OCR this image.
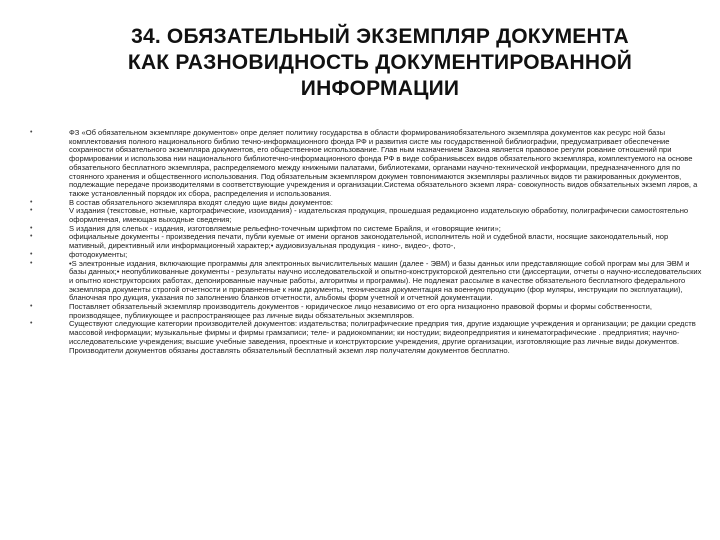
34. ОБЯЗАТЕЛЬНЫЙ ЭКЗЕМПЛЯР ДОКУМЕНТА
КАК РАЗНОВИДНОСТЬ ДОКУМЕНТИРОВАННОЙ
ИНФОРМАЦИИ
•	ФЗ «Об обязательном экземпляре документов» опре деляет политику государства в области формированияобязательного экземпляра документов как ресурс ной базы комплектования полного национального библио течно-информационного фонда РФ и развития систе мы государственной библиографии, предусматривает обеспечение сохранности обязательного экземпляра документов, его общественное использование. Глав ным назначением Закона является правовое регули рование отношений при формировании и использова нии национального библиотечно-информационного фонда РФ в виде собранияьвсех видов обязательного экземпляра, комплектуемого на основе обязательного бесплатного экземпляра, распределяемого между книжными палатами, библиотеками, органами научно-технической информации, предназначенного для по стоянного хранения и общественного использования. Под обязательным экземпляром докумен товпонимаются экземпляры различных видов ти ражированных документов, подлежащие передаче производителями в соответствующие учреждения и организации.Система обязательного экземп ляра- совокупность видов обязательных экземп ляров, а также установленный порядок их сбора, распределения и использования.
•	В состав обязательного экземпляра входят следую щие виды документов:
•	V издания (текстовые, нотные, картографические, изоиздания) - издательская продукция, прошедшая редакционно издательскую обработку, полиграфически самостоятельно оформленная, имеющая выходные сведения;
•	S издания для слепых - издания, изготовляемые рельефно-точечным шрифтом по системе Брайля, и «говорящие книги»;
•	официальные документы - произведения печати, публи куемые от имени органов законодательной, исполнитель ной и судебной власти, носящие законодательный, нор мативный, директивный или информационный характер;• аудиовизуальная продукция - кино-, видео-, фото-,
•	фотодокументы;
•	•S электронные издания, включающие программы для электронных вычислительных машин (далее - ЭВМ) и базы данных или представляющие собой програм мы для ЭВМ и базы данных;• неопубликованные документы - результаты научно исследовательской и опытно-конструкторской деятельно сти (диссертации, отчеты о научно-исследовательских и опытно конструкторских работах, депонированные научные работы, алгоритмы и программы). Не подлежат рассылке в качестве обязательного бесплатного федерального экземпляра документы строгой отчетности и приравненные к ним документы, техническая документация на военную продукцию (фор муляры, инструкции по эксплуатации), бланочная про дукция, указания по заполнению бланков отчетности, альбомы форм учетной и отчетной документации.
•	Поставляет обязательный экземпляр производитель документов - юридическое лицо независимо от его орга низационно правовой формы и формы собственности, производящее, публикующее и распространяющее раз личные виды обязательных экземпляров.
•	Существуют следующие категории производителей документов: издательства; полиграфические предприя тия, другие издающие учреждения и организации; ре дакции средств массовой информации; музыкальные фирмы и фирмы грамзаписи; теле- и радиокомпании; ки ностудии; видеопредприятия и кинематографические . предприятия; научно-исследовательские учреждения; высшие учебные заведения, проектные и конструкторские учреждения, другие организации, изготовляющие раз личные виды документов. Производители документов обязаны доставлять обязательный бесплатный экземп ляр получателям документов бесплатно.
